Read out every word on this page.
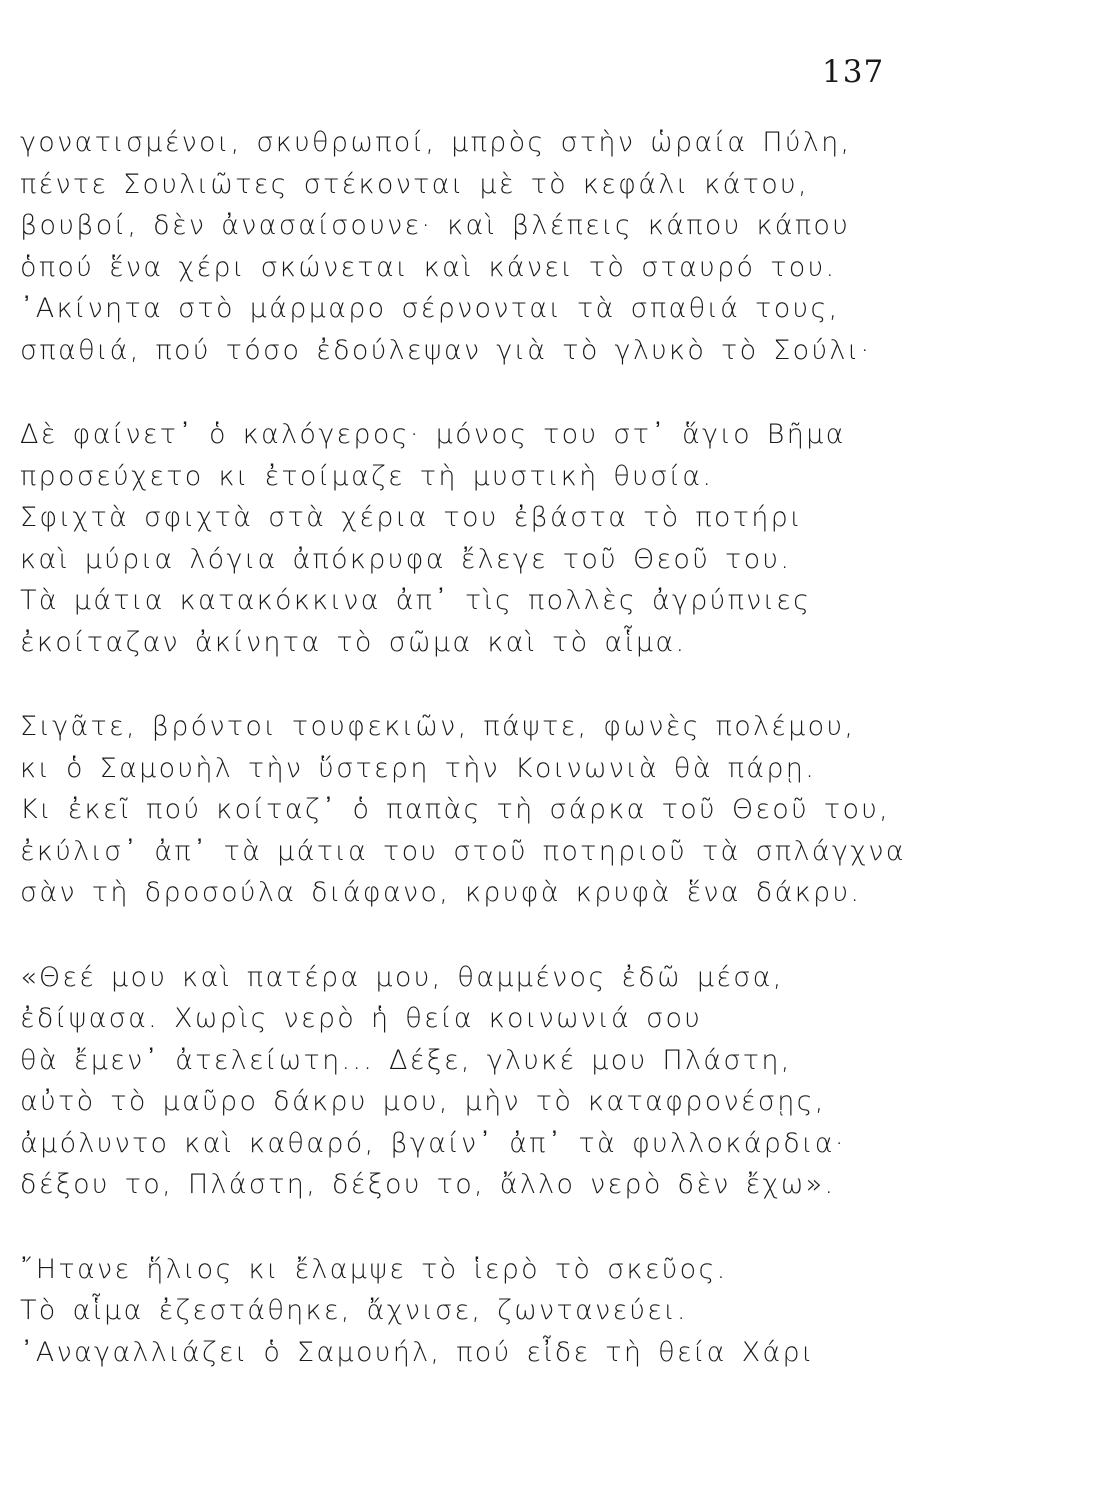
137
γονατισμένοι, σκυθρωποί, μπρὸς στὴν ὡραία Πύλη,
πέντε Σουλιῶτες στέκονται μὲ τὸ κεφάλι κάτου,
βουβοί, δὲν ἀνασαίσουνε· καὶ βλέπεις κάπου κάπου
ὁπού ἕνα χέρι σκώνεται καὶ κάνει τὸ σταυρό του.
᾿Ακίνητα στὸ μάρμαρο σέρνονται τὰ σπαθιά τους,
σπαθιά, πού τόσο ἐδούλεψαν γιὰ τὸ γλυκὸ τὸ Σούλι·
Δὲ φαίνετ᾿ ὁ καλόγερος· μόνος του στ᾿ ἅγιο Βῆμα
προσεύχετο κι ἐτοίμαζε τὴ μυστικὴ θυσία.
Σφιχτὰ σφιχτὰ στὰ χέρια του ἐβάστα τὸ ποτήρι
καὶ μύρια λόγια ἀπόκρυφα ἔλεγε τοῦ Θεοῦ του.
Τὰ μάτια κατακόκκινα ἀπ᾿ τὶς πολλὲς ἀγρύπνιες
ἐκοίταζαν ἀκίνητα τὸ σῶμα καὶ τὸ αἷμα.
Σιγᾶτε, βρόντοι τουφεκιῶν, πάψτε, φωνὲς πολέμου,
κι ὁ Σαμουὴλ τὴν ὕστερη τὴν Κοινωνιὰ θὰ πάρῃ.
Κι ἐκεῖ πού κοίταζ᾿ ὁ παπὰς τὴ σάρκα τοῦ Θεοῦ του,
ἐκύλισ᾿ ἀπ᾿ τὰ μάτια του στοῦ ποτηριοῦ τὰ σπλάγχνα
σὰν τὴ δροσούλα διάφανο, κρυφὰ κρυφὰ ἕνα δάκρυ.
«Θεέ μου καὶ πατέρα μου, θαμμένος ἐδῶ μέσα,
ἐδίψασα. Χωρὶς νερὸ ἡ θεία κοινωνιά σου
θὰ ἔμεν᾿ ἀτελείωτη... Δέξε, γλυκέ μου Πλάστη,
αὐτὸ τὸ μαῦρο δάκρυ μου, μὴν τὸ καταφρονέσῃς,
ἀμόλυντο καὶ καθαρό, βγαίν᾿ ἀπ᾿ τὰ φυλλοκάρδια·
δέξου το, Πλάστη, δέξου το, ἄλλο νερὸ δὲν ἔχω».
῎Ητανε ἥλιος κι ἔλαμψε τὸ ἱερὸ τὸ σκεῦος.
Τὸ αἷμα ἐζεστάθηκε, ἄχνισε, ζωντανεύει.
᾿Αναγαλλιάζει ὁ Σαμουήλ, πού εἶδε τὴ θεία Χάρι
